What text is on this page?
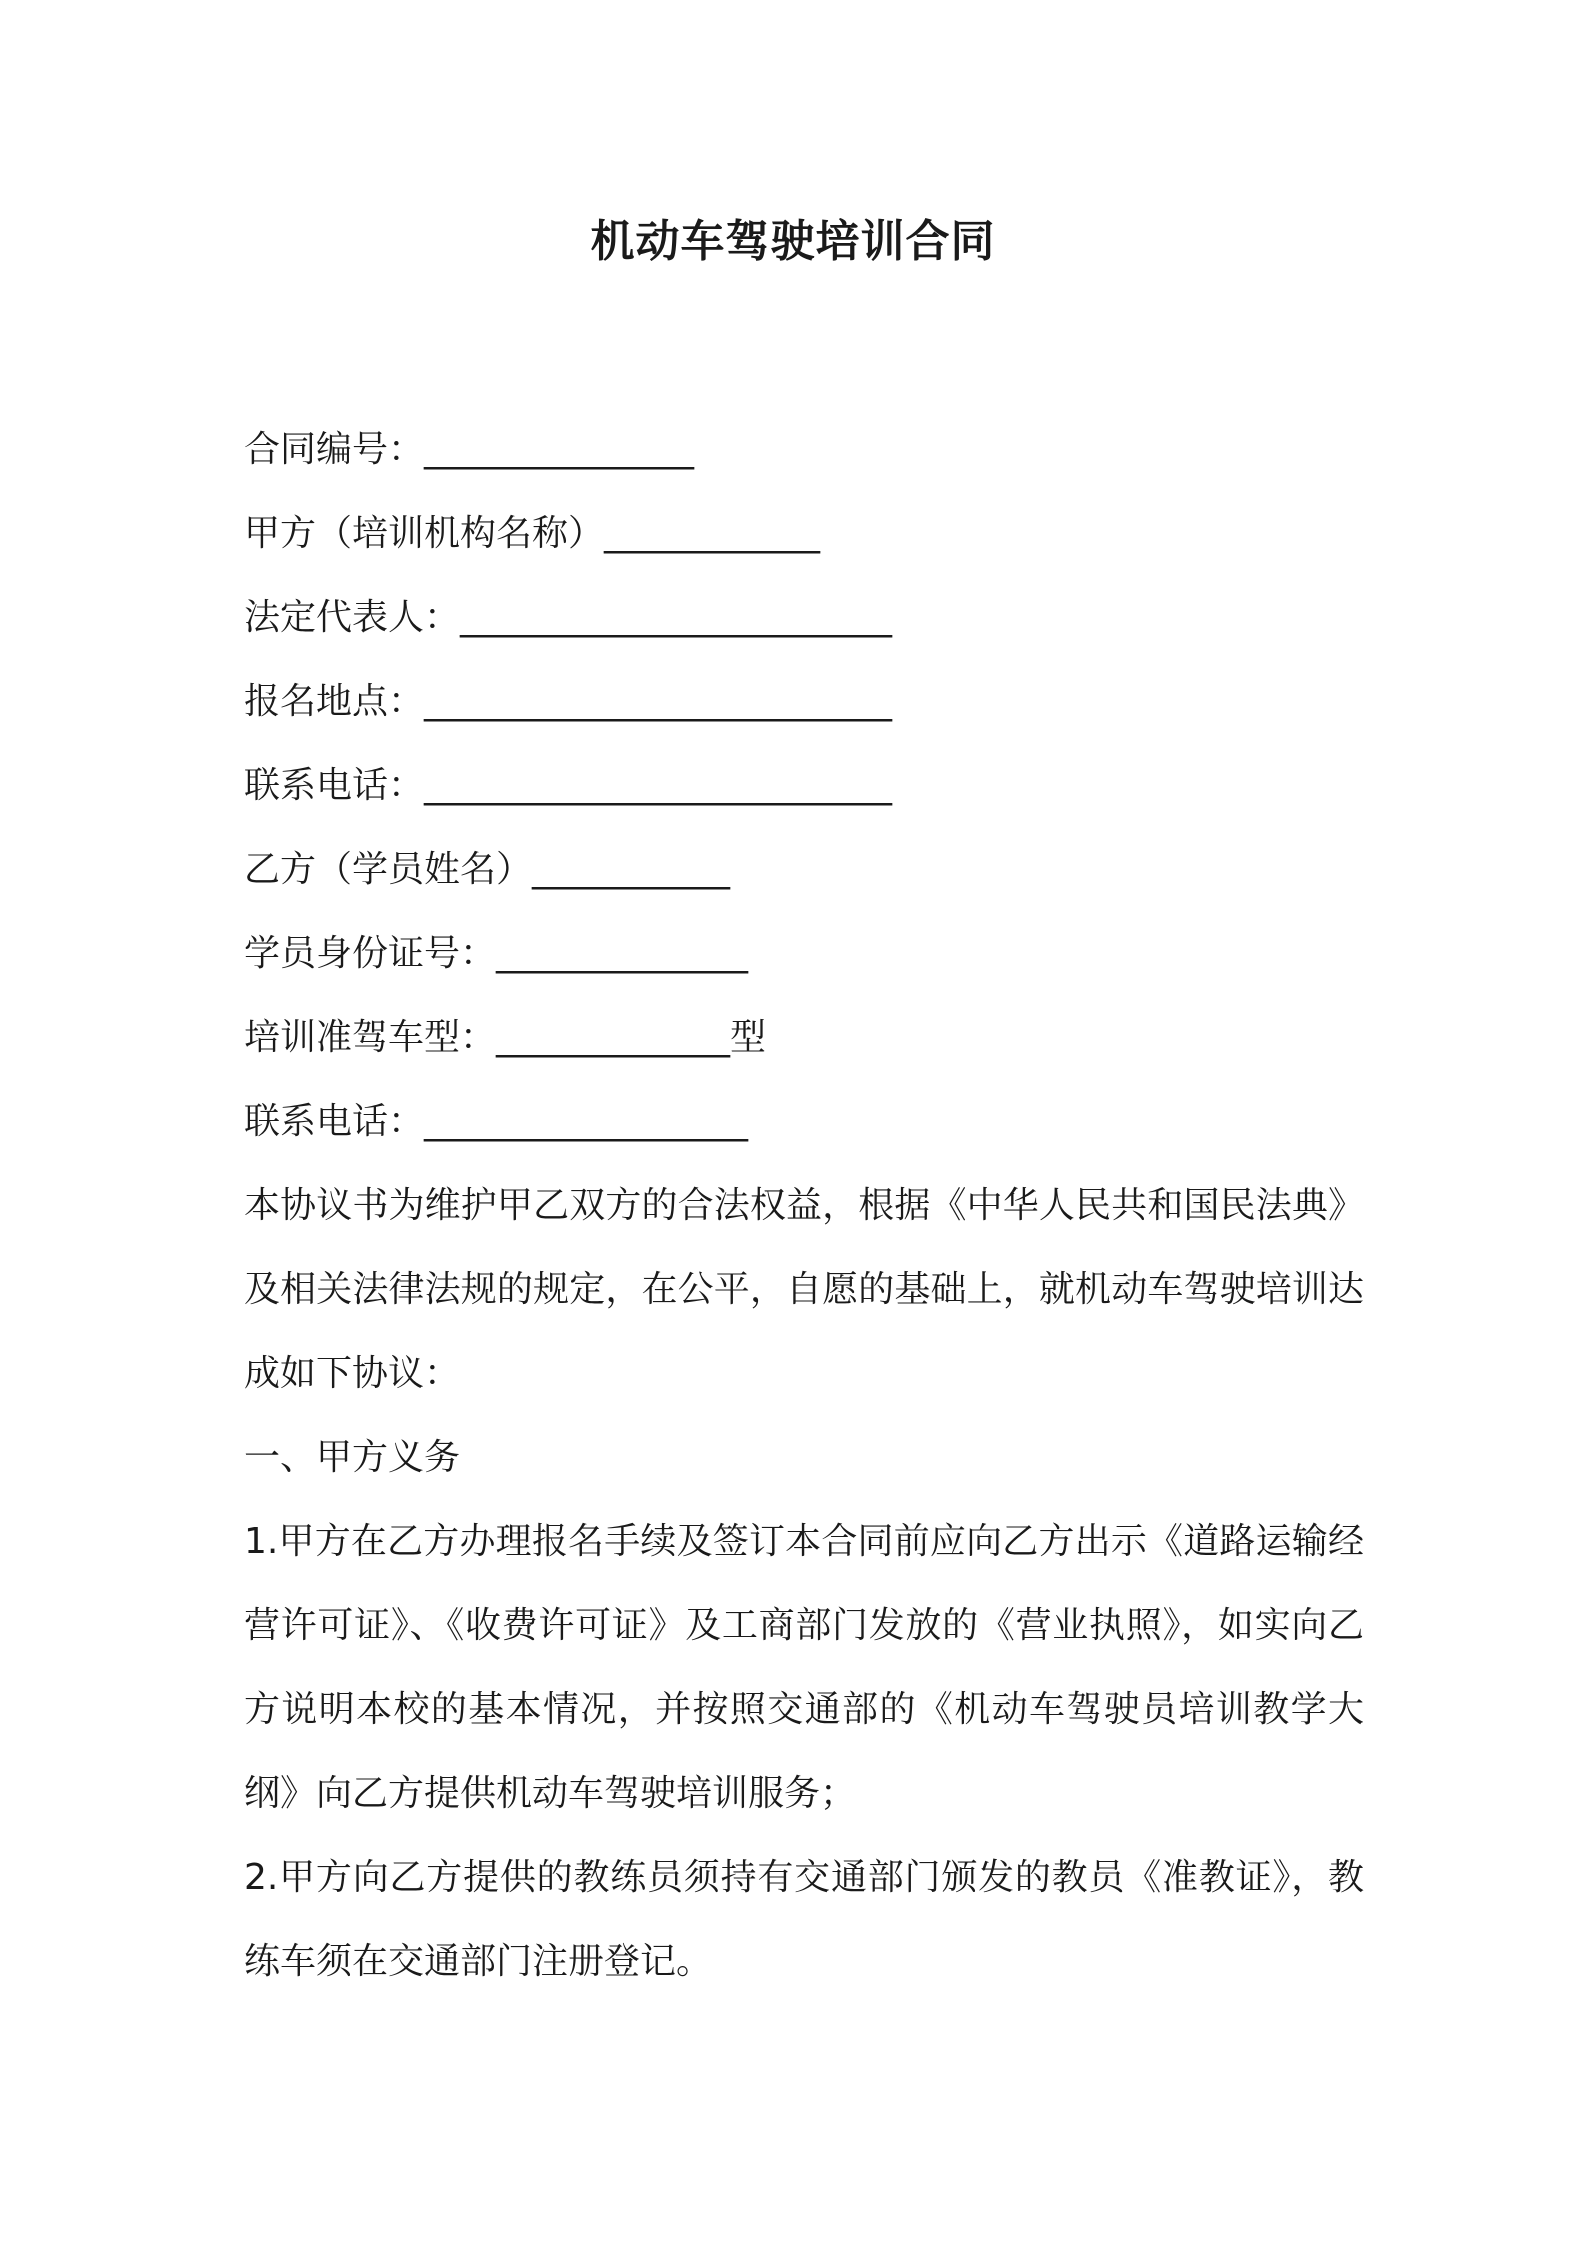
机动车驾驶培训合同
合同编号：_______________
甲方（培训机构名称）____________
法定代表人：________________________
报名地点：__________________________
联系电话：__________________________
乙方（学员姓名）___________
学员身份证号：______________
培训准驾车型：_____________型
联系电话：__________________
本协议书为维护甲乙双方的合法权益，根据《中华人民共和国民法典》及相关法律法规的规定，在公平，自愿的基础上，就机动车驾驶培训达成如下协议：
一、甲方义务
1.甲方在乙方办理报名手续及签订本合同前应向乙方出示《道路运输经营许可证》、《收费许可证》及工商部门发放的《营业执照》，如实向乙方说明本校的基本情况，并按照交通部的《机动车驾驶员培训教学大纲》向乙方提供机动车驾驶培训服务；
2.甲方向乙方提供的教练员须持有交通部门颁发的教员《准教证》，教练车须在交通部门注册登记。
